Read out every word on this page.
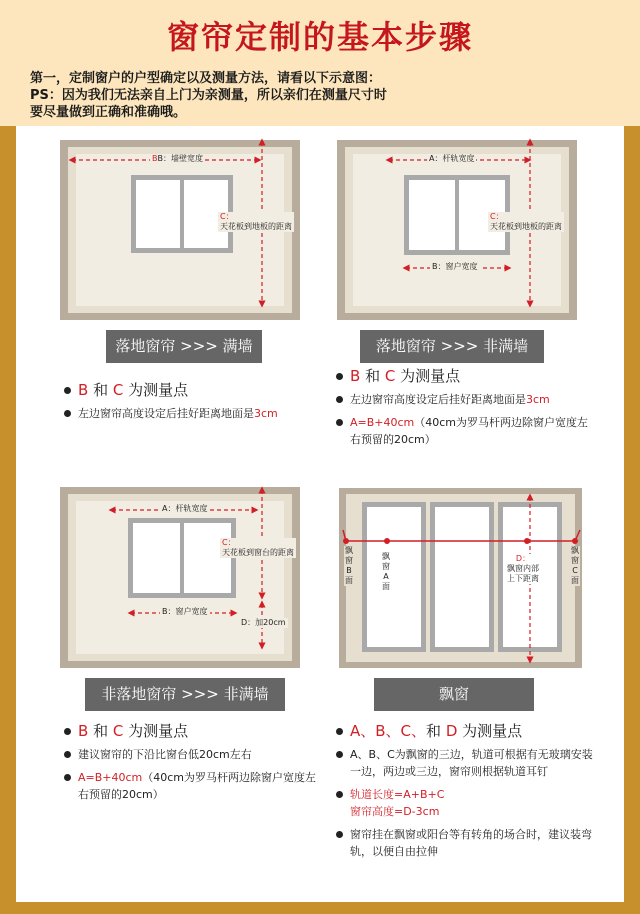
窗帘定制的基本步骤
第一，定制窗户的户型确定以及测量方法，请看以下示意图：
PS：因为我们无法亲自上门为亲测量，所以亲们在测量尺寸时
要尽量做到正确和准确哦。
BB：墙壁宽度
C：
天花板到地板的距离
A：杆轨宽度
B：窗户宽度
C：
天花板到地板的距离
A：杆轨宽度
B：窗户宽度
C：
天花板到窗台的距离
D：加20cm
飘窗B面
飘窗A面
飘窗C面
D：
飘窗内部
上下距离
落地窗帘 >>> 满墙	落地窗帘 >>> 非满墙
非落地窗帘 >>> 非满墙	飘窗
B 和 C 为测量点
左边窗帘高度设定后挂好距离地面是3cm
B 和 C 为测量点
左边窗帘高度设定后挂好距离地面是3cm
A=B+40cm（40cm为罗马杆两边除窗户宽度左右预留的20cm）
B 和 C 为测量点
建议窗帘的下沿比窗台低20cm左右
A=B+40cm（40cm为罗马杆两边除窗户宽度左右预留的20cm）
A、B、C、和 D 为测量点
A、B、C为飘窗的三边，轨道可根据有无玻璃安装一边，两边或三边，窗帘则根据轨道耳钉
轨道长度=A+B+C
窗帘高度=D-3cm
窗帘挂在飘窗或阳台等有转角的场合时，建议装弯轨，以便自由拉伸
